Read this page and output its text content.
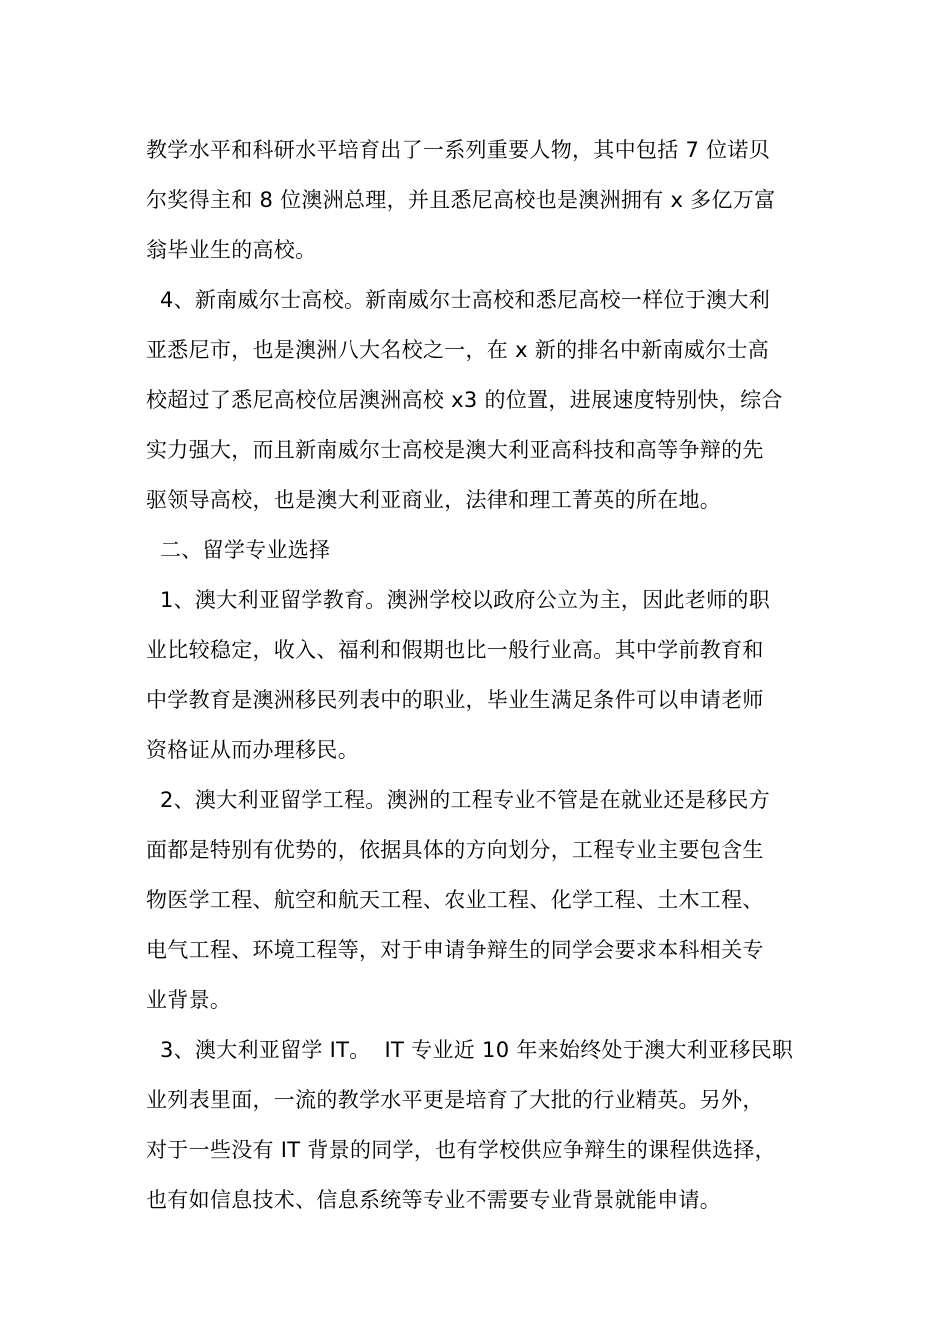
教学水平和科研水平培育出了一系列重要人物，其中包括 7 位诺贝
尔奖得主和 8 位澳洲总理，并且悉尼高校也是澳洲拥有 x 多亿万富
翁毕业生的高校。
4、新南威尔士高校。新南威尔士高校和悉尼高校一样位于澳大利
亚悉尼市，也是澳洲八大名校之一，在 x 新的排名中新南威尔士高
校超过了悉尼高校位居澳洲高校 x3 的位置，进展速度特别快，综合
实力强大，而且新南威尔士高校是澳大利亚高科技和高等争辩的先
驱领导高校，也是澳大利亚商业，法律和理工菁英的所在地。
二、留学专业选择
1、澳大利亚留学教育。澳洲学校以政府公立为主，因此老师的职
业比较稳定，收入、福利和假期也比一般行业高。其中学前教育和
中学教育是澳洲移民列表中的职业，毕业生满足条件可以申请老师
资格证从而办理移民。
2、澳大利亚留学工程。澳洲的工程专业不管是在就业还是移民方
面都是特别有优势的，依据具体的方向划分，工程专业主要包含生
物医学工程、航空和航天工程、农业工程、化学工程、土木工程、
电气工程、环境工程等，对于申请争辩生的同学会要求本科相关专
业背景。
3、澳大利亚留学 IT。  IT 专业近 10 年来始终处于澳大利亚移民职
业列表里面，一流的教学水平更是培育了大批的行业精英。另外，
对于一些没有 IT 背景的同学，也有学校供应争辩生的课程供选择，
也有如信息技术、信息系统等专业不需要专业背景就能申请。
